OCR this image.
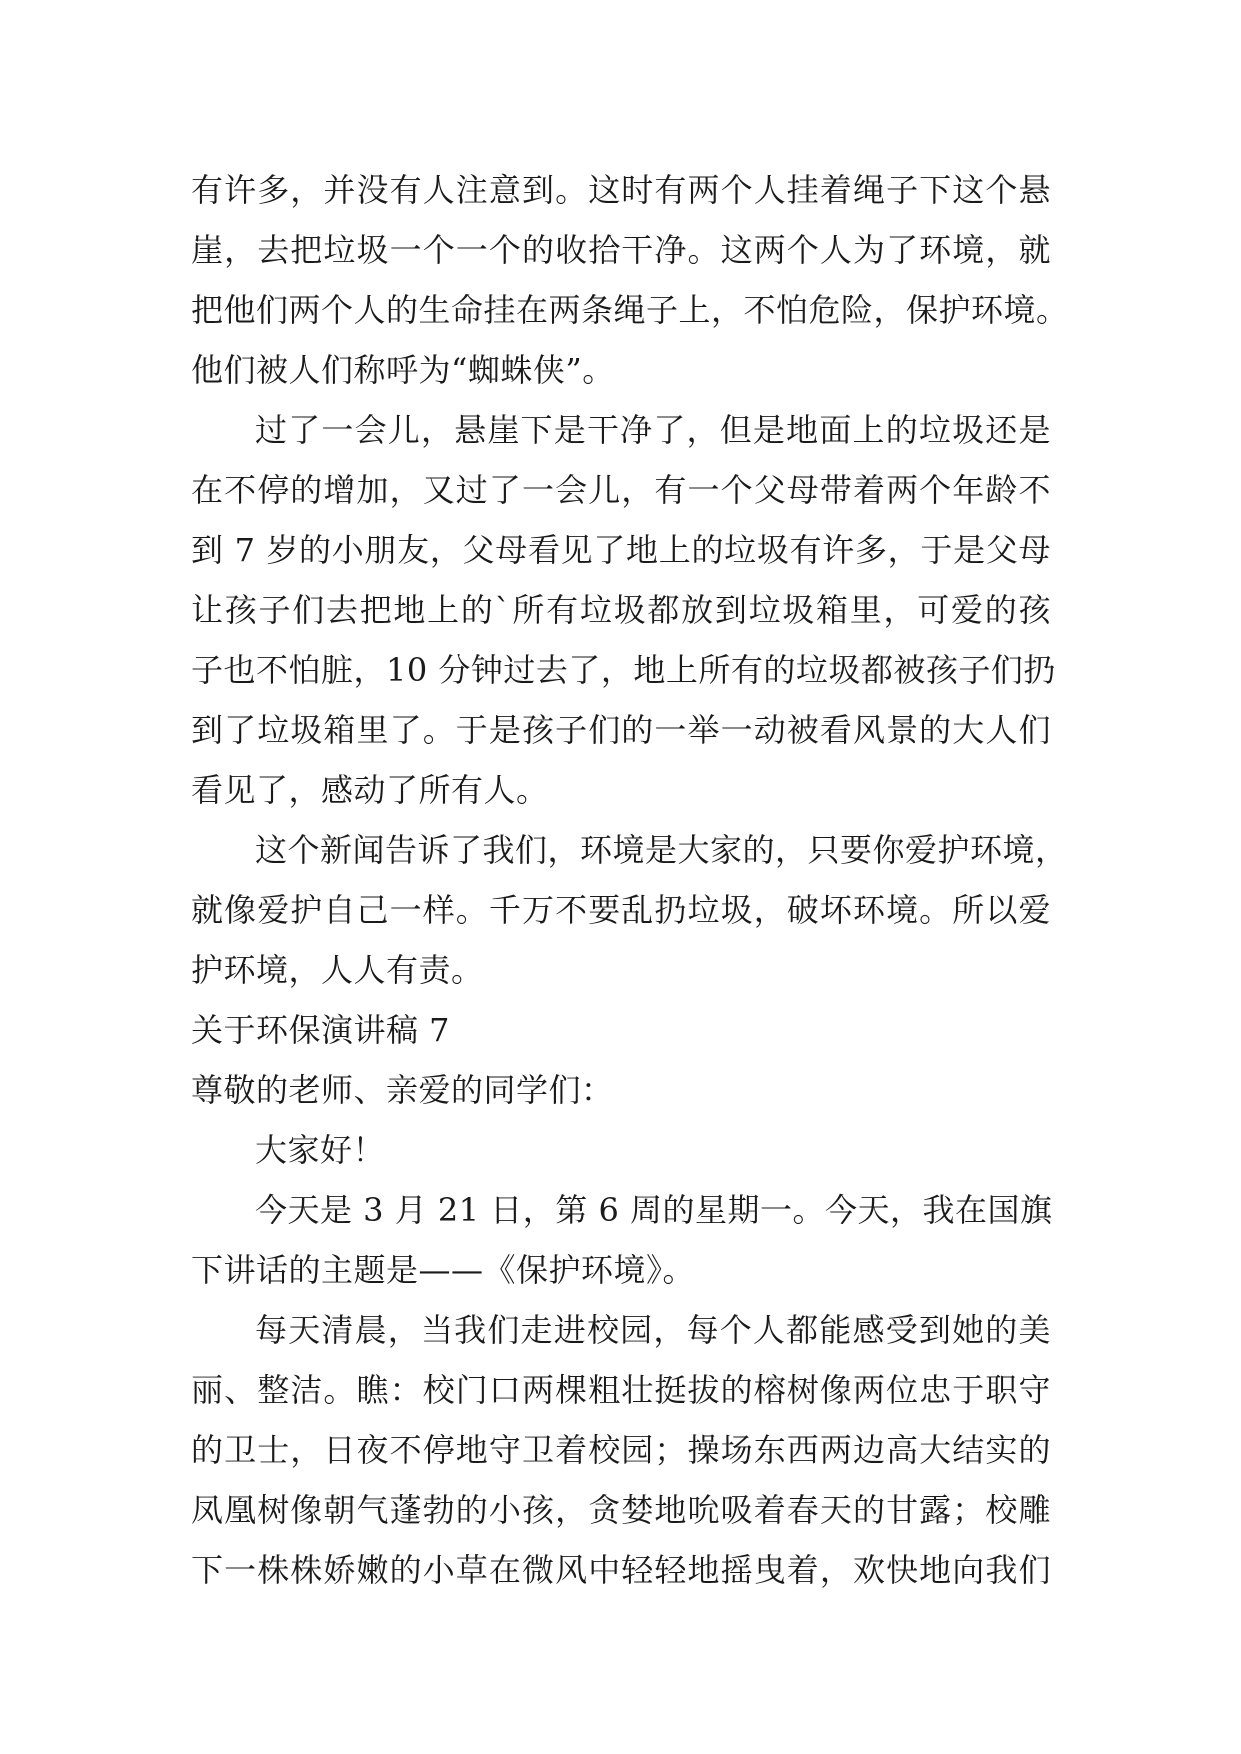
有许多，并没有人注意到。这时有两个人挂着绳子下这个悬
崖，去把垃圾一个一个的收拾干净。这两个人为了环境，就
把他们两个人的生命挂在两条绳子上，不怕危险，保护环境。
他们被人们称呼为“蜘蛛侠”。
过了一会儿，悬崖下是干净了，但是地面上的垃圾还是
在不停的增加，又过了一会儿，有一个父母带着两个年龄不
到 7 岁的小朋友，父母看见了地上的垃圾有许多，于是父母
让孩子们去把地上的`所有垃圾都放到垃圾箱里，可爱的孩
子也不怕脏，10 分钟过去了，地上所有的垃圾都被孩子们扔
到了垃圾箱里了。于是孩子们的一举一动被看风景的大人们
看见了，感动了所有人。
这个新闻告诉了我们，环境是大家的，只要你爱护环境，
就像爱护自己一样。千万不要乱扔垃圾，破坏环境。所以爱
护环境，人人有责。
关于环保演讲稿 7
尊敬的老师、亲爱的同学们：
大家好！
今天是 3 月 21 日，第 6 周的星期一。今天，我在国旗
下讲话的主题是——《保护环境》。
每天清晨，当我们走进校园，每个人都能感受到她的美
丽、整洁。瞧：校门口两棵粗壮挺拔的榕树像两位忠于职守
的卫士，日夜不停地守卫着校园；操场东西两边高大结实的
凤凰树像朝气蓬勃的小孩，贪婪地吮吸着春天的甘露；校雕
下一株株娇嫩的小草在微风中轻轻地摇曳着，欢快地向我们
